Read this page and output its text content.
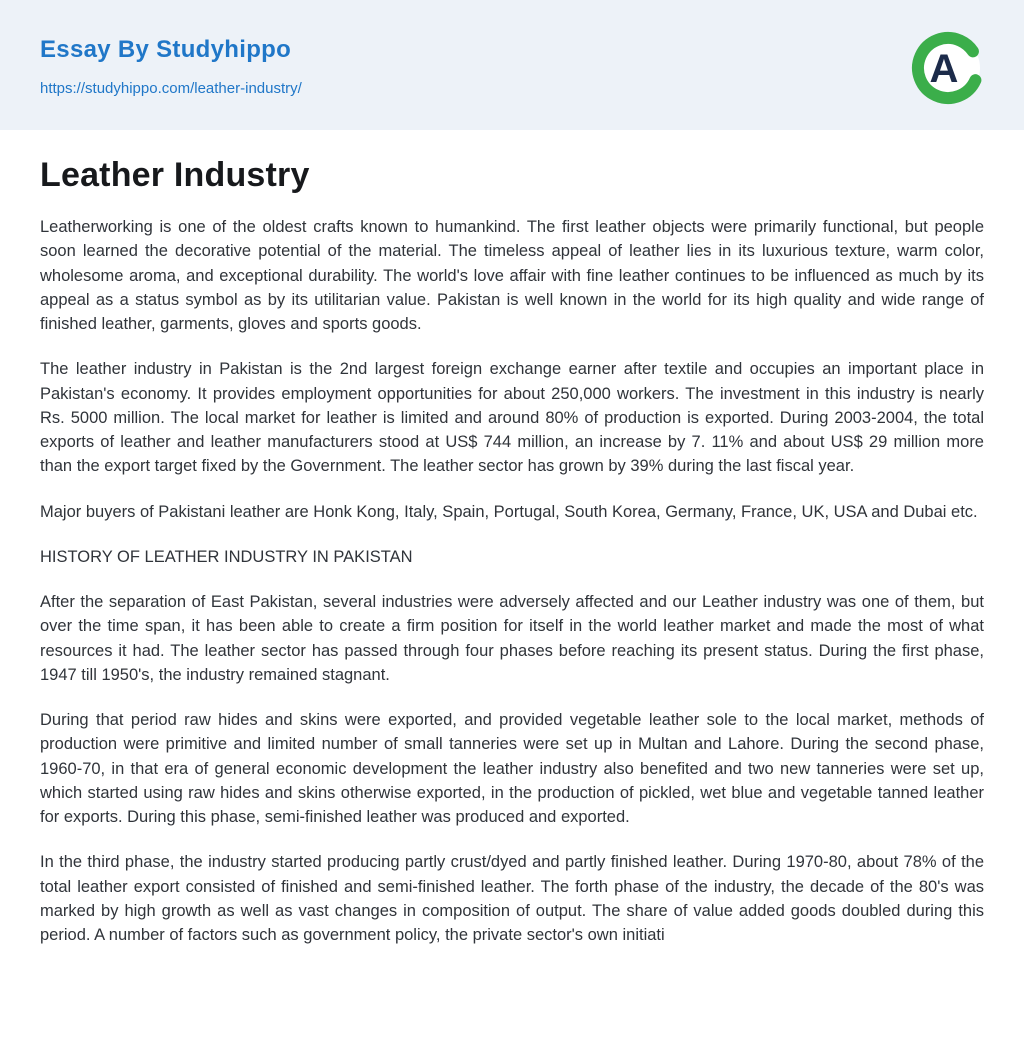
Essay By Studyhippo
https://studyhippo.com/leather-industry/	A
Leather Industry

Leatherworking is one of the oldest crafts known to humankind. The first leather objects were primarily functional, but people soon learned the decorative potential of the material. The timeless appeal of leather lies in its luxurious texture, warm color, wholesome aroma, and exceptional durability. The world's love affair with fine leather continues to be influenced as much by its appeal as a status symbol as by its utilitarian value. Pakistan is well known in the world for its high quality and wide range of finished leather, garments, gloves and sports goods.

The leather industry in Pakistan is the 2nd largest foreign exchange earner after textile and occupies an important place in Pakistan's economy. It provides employment opportunities for about 250,000 workers. The investment in this industry is nearly Rs. 5000 million. The local market for leather is limited and around 80% of production is exported. During 2003-2004, the total exports of leather and leather manufacturers stood at US$ 744 million, an increase by 7. 11% and about US$ 29 million more than the export target fixed by the Government. The leather sector has grown by 39% during the last fiscal year.

Major buyers of Pakistani leather are Honk Kong, Italy, Spain, Portugal, South Korea, Germany, France, UK, USA and Dubai etc.

HISTORY OF LEATHER INDUSTRY IN PAKISTAN

After the separation of East Pakistan, several industries were adversely affected and our Leather industry was one of them, but over the time span, it has been able to create a firm position for itself in the world leather market and made the most of what resources it had. The leather sector has passed through four phases before reaching its present status. During the first phase, 1947 till 1950's, the industry remained stagnant.

During that period raw hides and skins were exported, and provided vegetable leather sole to the local market, methods of production were primitive and limited number of small tanneries were set up in Multan and Lahore. During the second phase, 1960-70, in that era of general economic development the leather industry also benefited and two new tanneries were set up, which started using raw hides and skins otherwise exported, in the production of pickled, wet blue and vegetable tanned leather for exports. During this phase, semi-finished leather was produced and exported.

In the third phase, the industry started producing partly crust/dyed and partly finished leather. During 1970-80, about 78% of the total leather export consisted of finished and semi-finished leather. The forth phase of the industry, the decade of the 80's was marked by high growth as well as vast changes in composition of output. The share of value added goods doubled during this period. A number of factors such as government policy, the private sector's own initiati
